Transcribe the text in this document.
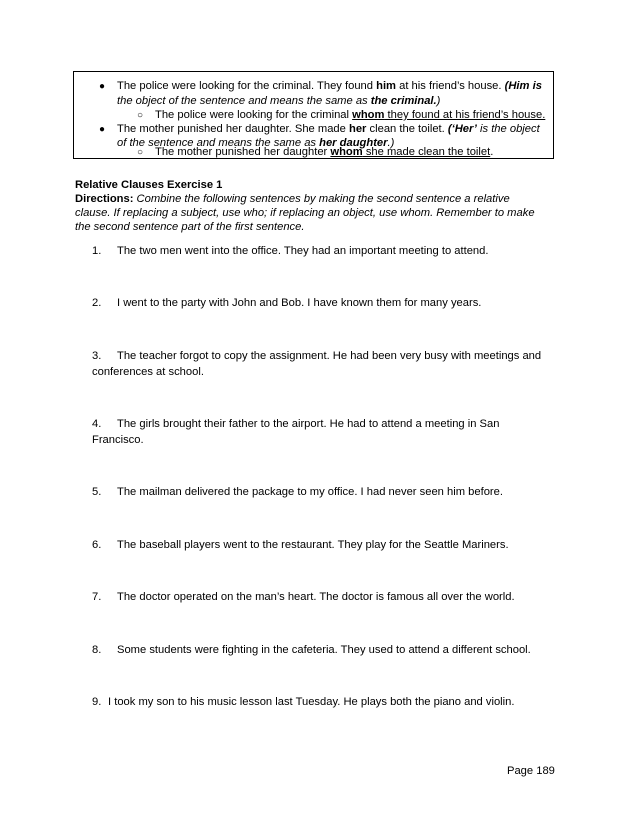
● The police were looking for the criminal. They found him at his friend’s house. (Him is
the object of the sentence and means the same as the criminal.)
○ The police were looking for the criminal whom they found at his friend’s house.
● The mother punished her daughter. She made her clean the toilet. (‘Her’ is the object
of the sentence and means the same as her daughter.)
○ The mother punished her daughter whom she made clean the toilet.
Relative Clauses Exercise 1
Directions: Combine the following sentences by making the second sentence a relative
clause. If replacing a subject, use who; if replacing an object, use whom. Remember to make
the second sentence part of the first sentence.
1. The two men went into the office. They had an important meeting to attend.
2. I went to the party with John and Bob. I have known them for many years.
3. The teacher forgot to copy the assignment. He had been very busy with meetings and
conferences at school.
4. The girls brought their father to the airport. He had to attend a meeting in San
Francisco.
5. The mailman delivered the package to my office. I had never seen him before.
6. The baseball players went to the restaurant. They play for the Seattle Mariners.
7. The doctor operated on the man’s heart. The doctor is famous all over the world.
8. Some students were fighting in the cafeteria. They used to attend a different school.
9. I took my son to his music lesson last Tuesday. He plays both the piano and violin.
Page 189
